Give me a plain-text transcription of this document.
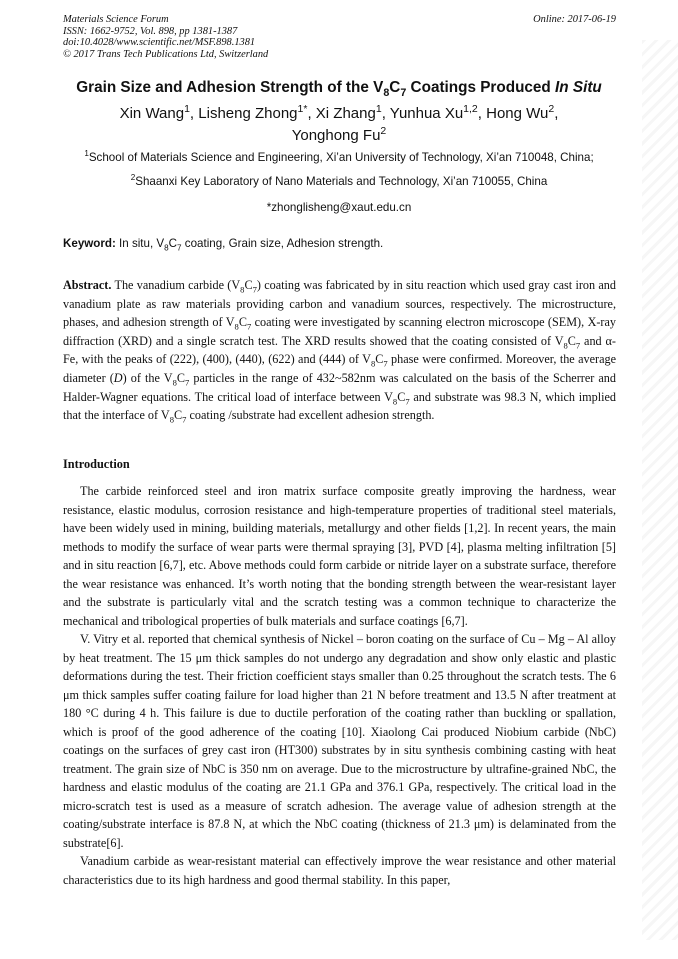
Materials Science Forum
ISSN: 1662-9752, Vol. 898, pp 1381-1387
doi:10.4028/www.scientific.net/MSF.898.1381
© 2017 Trans Tech Publications Ltd, Switzerland
Online: 2017-06-19
Grain Size and Adhesion Strength of the $V_8C_7$ Coatings Produced In Situ
Xin Wang$^1$, Lisheng Zhong$^{1*}$, Xi Zhang$^1$, Yunhua Xu$^{1,2}$, Hong Wu$^2$,
Yonghong Fu$^2$
$^1$School of Materials Science and Engineering, Xi’an University of Technology, Xi’an 710048, China;
$^2$Shaanxi Key Laboratory of Nano Materials and Technology, Xi’an 710055, China
*zhonglisheng@xaut.edu.cn
Keyword: In situ, $V_8C_7$ coating, Grain size, Adhesion strength.
Abstract. The vanadium carbide $(V_8C_7)$ coating was fabricated by in situ reaction which used gray cast iron and vanadium plate as raw materials providing carbon and vanadium sources, respectively. The microstructure, phases, and adhesion strength of $V_8C_7$ coating were investigated by scanning electron microscope (SEM), X-ray diffraction (XRD) and a single scratch test. The XRD results showed that the coating consisted of $V_8C_7$ and α-Fe, with the peaks of (222), (400), (440), (622) and (444) of $V_8C_7$ phase were confirmed. Moreover, the average diameter (D) of the $V_8C_7$ particles in the range of 432~582nm was calculated on the basis of the Scherrer and Halder-Wagner equations. The critical load of interface between $V_8C_7$ and substrate was 98.3 N, which implied that the interface of $V_8C_7$ coating /substrate had excellent adhesion strength.
Introduction

The carbide reinforced steel and iron matrix surface composite greatly improving the hardness, wear resistance, elastic modulus, corrosion resistance and high-temperature properties of traditional steel materials, have been widely used in mining, building materials, metallurgy and other fields [1,2]. In recent years, the main methods to modify the surface of wear parts were thermal spraying [3], PVD [4], plasma melting infiltration [5] and in situ reaction [6,7], etc. Above methods could form carbide or nitride layer on a substrate surface, therefore the wear resistance was enhanced. It’s worth noting that the bonding strength between the wear-resistant layer and the substrate is particularly vital and the scratch testing was a common technique to characterize the mechanical and tribological properties of bulk materials and surface coatings [6,7].

V. Vitry et al. reported that chemical synthesis of Nickel – boron coating on the surface of Cu – Mg – Al alloy by heat treatment. The 15 μm thick samples do not undergo any degradation and show only elastic and plastic deformations during the test. Their friction coefficient stays smaller than 0.25 throughout the scratch tests. The 6 μm thick samples suffer coating failure for load higher than 21 N before treatment and 13.5 N after treatment at 180 °C during 4 h. This failure is due to ductile perforation of the coating rather than buckling or spallation, which is proof of the good adherence of the coating [10]. Xiaolong Cai produced Niobium carbide (NbC) coatings on the surfaces of grey cast iron (HT300) substrates by in situ synthesis combining casting with heat treatment. The grain size of NbC is 350 nm on average. Due to the microstructure by ultrafine-grained NbC, the hardness and elastic modulus of the coating are 21.1 GPa and 376.1 GPa, respectively. The critical load in the micro-scratch test is used as a measure of scratch adhesion. The average value of adhesion strength at the coating/substrate interface is 87.8 N, at which the NbC coating (thickness of 21.3 μm) is delaminated from the substrate[6].

Vanadium carbide as wear-resistant material can effectively improve the wear resistance and other material characteristics due to its high hardness and good thermal stability. In this paper,
